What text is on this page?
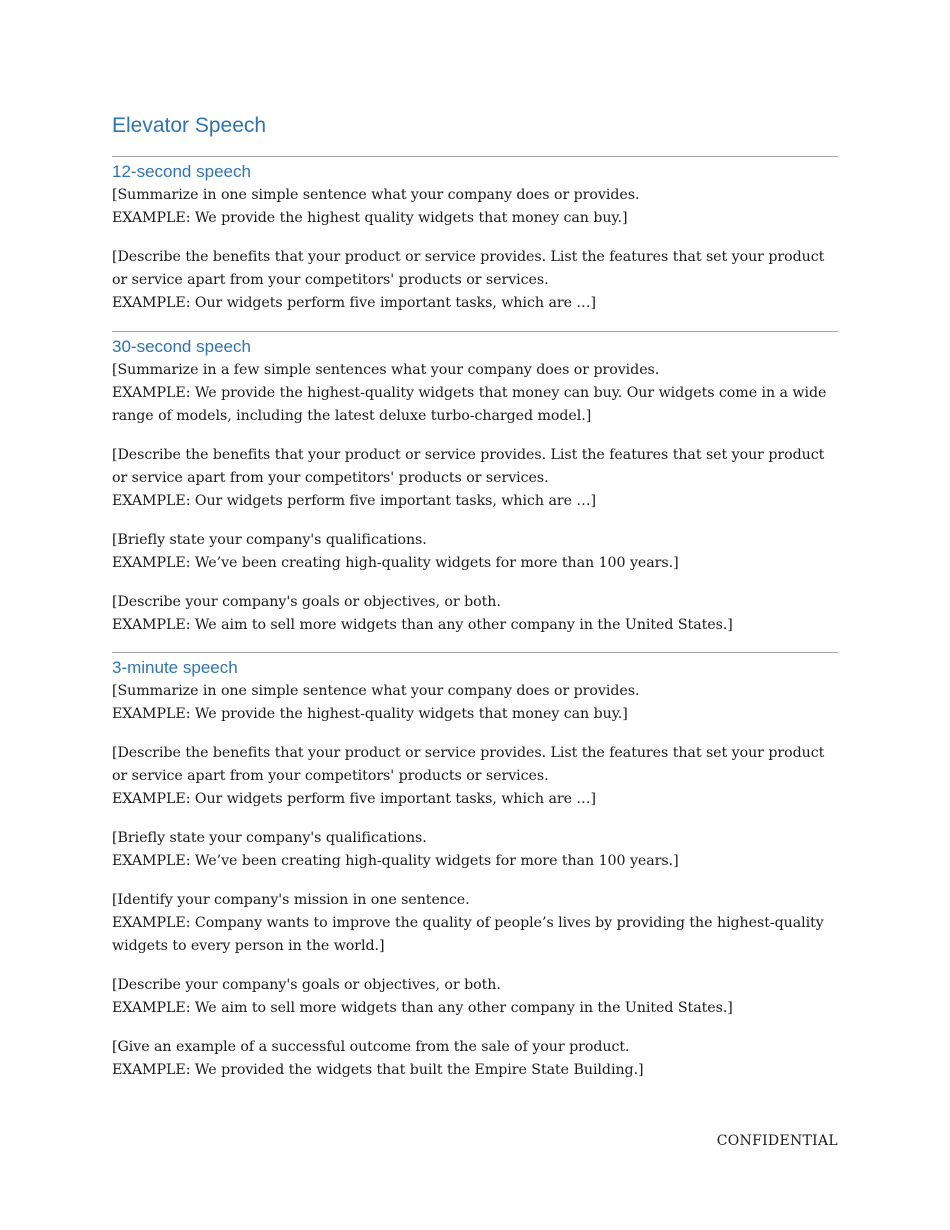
Elevator Speech
12-second speech

[Summarize in one simple sentence what your company does or provides.
EXAMPLE: We provide the highest quality widgets that money can buy.]

[Describe the benefits that your product or service provides. List the features that set your product
or service apart from your competitors' products or services.
EXAMPLE: Our widgets perform five important tasks, which are …]

30-second speech

[Summarize in a few simple sentences what your company does or provides.
EXAMPLE: We provide the highest-quality widgets that money can buy. Our widgets come in a wide
range of models, including the latest deluxe turbo-charged model.]

[Describe the benefits that your product or service provides. List the features that set your product
or service apart from your competitors' products or services.
EXAMPLE: Our widgets perform five important tasks, which are …]

[Briefly state your company's qualifications.
EXAMPLE: We’ve been creating high-quality widgets for more than 100 years.]

[Describe your company's goals or objectives, or both.
EXAMPLE: We aim to sell more widgets than any other company in the United States.]

3-minute speech

[Summarize in one simple sentence what your company does or provides.
EXAMPLE: We provide the highest-quality widgets that money can buy.]

[Describe the benefits that your product or service provides. List the features that set your product
or service apart from your competitors' products or services.
EXAMPLE: Our widgets perform five important tasks, which are …]

[Briefly state your company's qualifications.
EXAMPLE: We’ve been creating high-quality widgets for more than 100 years.]

[Identify your company's mission in one sentence.
EXAMPLE: Company wants to improve the quality of people’s lives by providing the highest-quality
widgets to every person in the world.]

[Describe your company's goals or objectives, or both.
EXAMPLE: We aim to sell more widgets than any other company in the United States.]

[Give an example of a successful outcome from the sale of your product.
EXAMPLE: We provided the widgets that built the Empire State Building.]

CONFIDENTIAL
